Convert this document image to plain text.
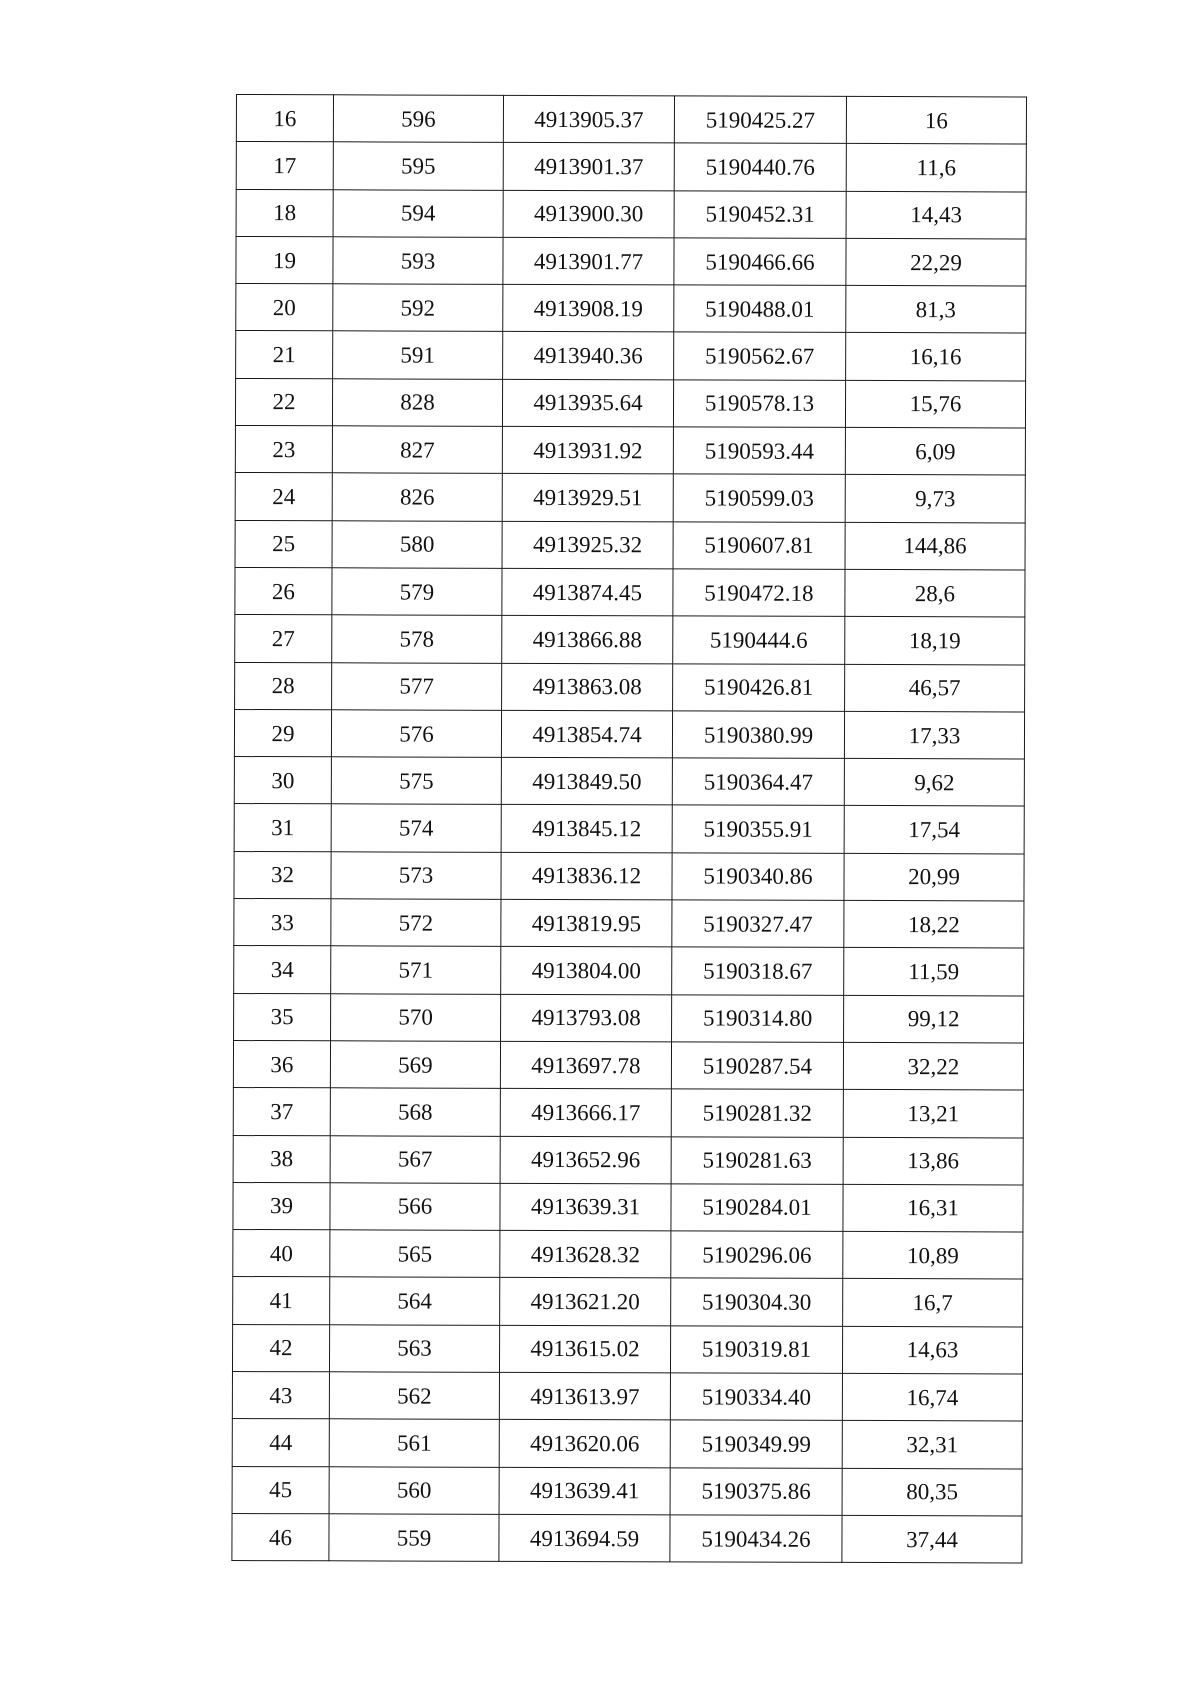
16	596	4913905.37	5190425.27	16
17	595	4913901.37	5190440.76	11,6
18	594	4913900.30	5190452.31	14,43
19	593	4913901.77	5190466.66	22,29
20	592	4913908.19	5190488.01	81,3
21	591	4913940.36	5190562.67	16,16
22	828	4913935.64	5190578.13	15,76
23	827	4913931.92	5190593.44	6,09
24	826	4913929.51	5190599.03	9,73
25	580	4913925.32	5190607.81	144,86
26	579	4913874.45	5190472.18	28,6
27	578	4913866.88	5190444.6	18,19
28	577	4913863.08	5190426.81	46,57
29	576	4913854.74	5190380.99	17,33
30	575	4913849.50	5190364.47	9,62
31	574	4913845.12	5190355.91	17,54
32	573	4913836.12	5190340.86	20,99
33	572	4913819.95	5190327.47	18,22
34	571	4913804.00	5190318.67	11,59
35	570	4913793.08	5190314.80	99,12
36	569	4913697.78	5190287.54	32,22
37	568	4913666.17	5190281.32	13,21
38	567	4913652.96	5190281.63	13,86
39	566	4913639.31	5190284.01	16,31
40	565	4913628.32	5190296.06	10,89
41	564	4913621.20	5190304.30	16,7
42	563	4913615.02	5190319.81	14,63
43	562	4913613.97	5190334.40	16,74
44	561	4913620.06	5190349.99	32,31
45	560	4913639.41	5190375.86	80,35
46	559	4913694.59	5190434.26	37,44
